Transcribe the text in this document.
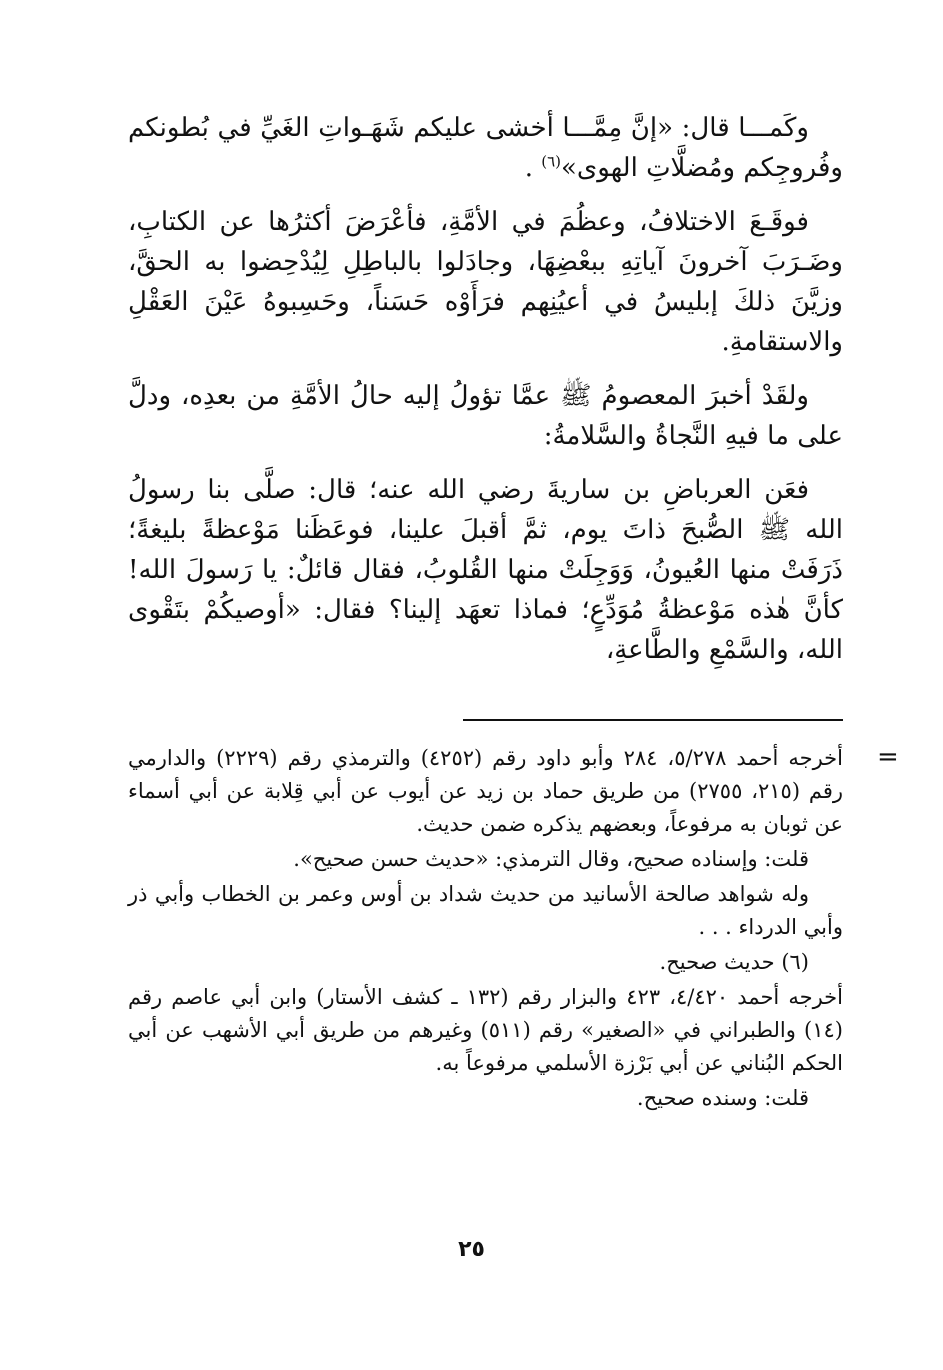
وكَمـــا قال: «إنَّ مِمَّـــا أخشى عليكم شَهَـواتِ الغَيِّ في بُطونكم وفُروجِكم ومُضلَّاتِ الهوى»$^{(٦)}$ .

فوقَـعَ الاختلافُ، وعظُمَ في الأمَّةِ، فأعْرَضَ أكثرُها عن الكتابِ، وضَـرَبَ آخرونَ آياتِهِ ببعْضِهَا، وجادَلوا بالباطِلِ لِيُدْحِضوا به الحقَّ، وزيَّنَ ذلكَ إبليسُ في أعيُنِهم فرَأَوْه حَسَناً، وحَسِبوهُ عَيْنَ العَقْلِ والاستقامةِ.

ولقَدْ أخبرَ المعصومُ ﷺ عمَّا تؤولُ إليه حالُ الأمَّةِ من بعدِه، ودلَّ على ما فيهِ النَّجاةُ والسَّلامةُ:

فعَن العرباضِ بن ساريةَ رضي الله عنه؛ قال: صلَّى بنا رسولُ الله ﷺ الصُّبحَ ذاتَ يوم، ثمَّ أقبلَ علينا، فوعَظَنا مَوْعظةً بليغةً؛ ذَرَفَتْ منها العُيونُ، وَوَجِلَتْ منها القُلوبُ، فقال قائلٌ: يا رَسولَ الله! كأنَّ هٰذه مَوْعظةُ مُوَدِّعٍ؛ فماذا تعهَد إلينا؟ فقال: «أوصيكُمْ بتَقْوى الله، والسَّمْعِ والطَّاعةِ،

=

أخرجه أحمد ٥/٢٧٨، ٢٨٤ وأبو داود رقم (٤٢٥٢) والترمذي رقم (٢٢٢٩) والدارمي رقم (٢١٥، ٢٧٥٥) من طريق حماد بن زيد عن أيوب عن أبي قِلابة عن أبي أسماء عن ثوبان به مرفوعاً، وبعضهم يذكره ضمن حديث.

قلت: وإسناده صحيح، وقال الترمذي: «حديث حسن صحيح».

وله شواهد صالحة الأسانيد من حديث شداد بن أوس وعمر بن الخطاب وأبي ذر وأبي الدرداء . . .

(٦) حديث صحيح.

أخرجه أحمد ٤/٤٢٠، ٤٢٣ والبزار رقم (١٣٢ ـ كشف الأستار) وابن أبي عاصم رقم (١٤) والطبراني في «الصغير» رقم (٥١١) وغيرهم من طريق أبي الأشهب عن أبي الحكم البُناني عن أبي بَرْزة الأسلمي مرفوعاً به.

قلت: وسنده صحيح.

٢٥
